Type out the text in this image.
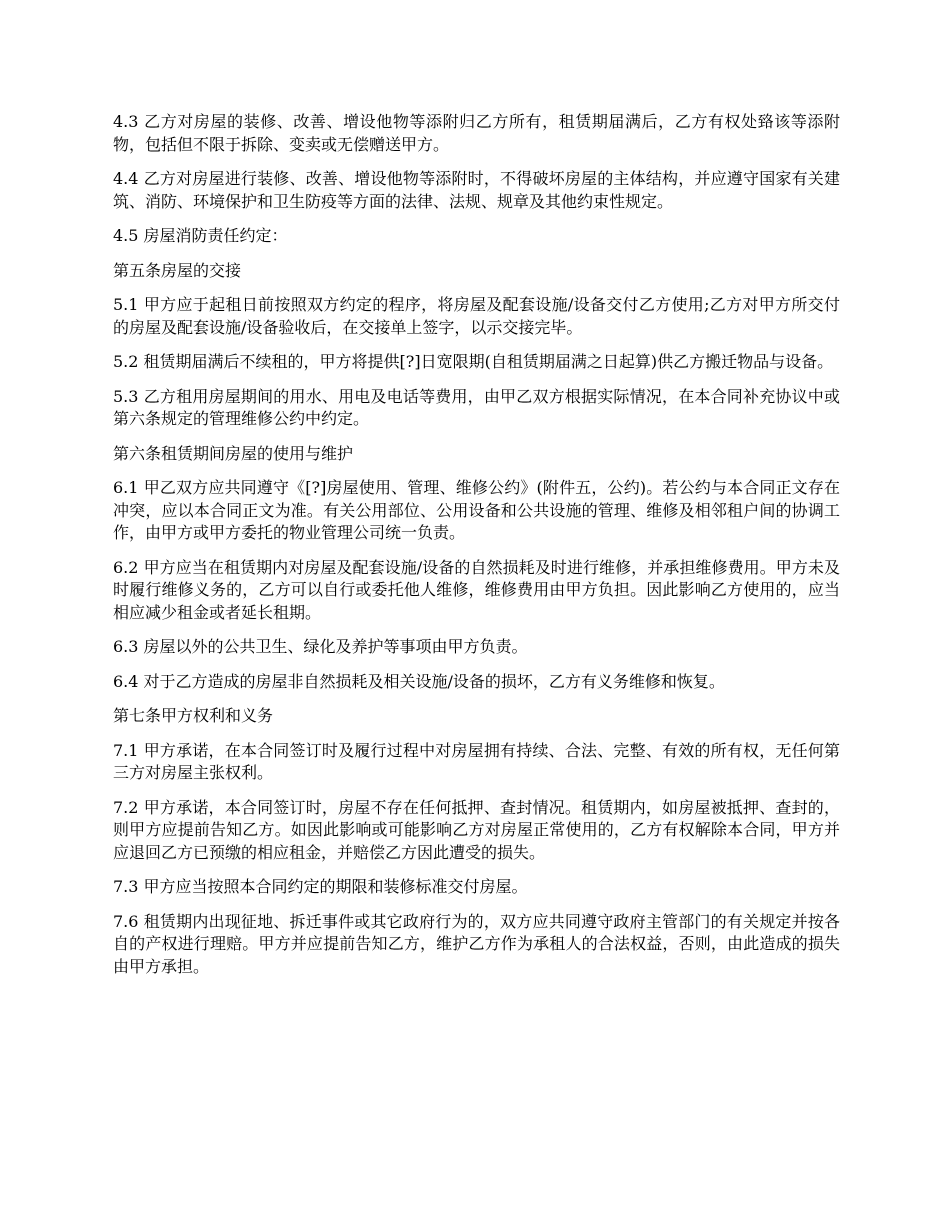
4.3 乙方对房屋的装修、改善、增设他物等添附归乙方所有，租赁期届满后，乙方有权处臵该等添附物，包括但不限于拆除、变卖或无偿赠送甲方。

4.4 乙方对房屋进行装修、改善、增设他物等添附时，不得破坏房屋的主体结构，并应遵守国家有关建筑、消防、环境保护和卫生防疫等方面的法律、法规、规章及其他约束性规定。

4.5 房屋消防责任约定：

第五条房屋的交接

5.1 甲方应于起租日前按照双方约定的程序，将房屋及配套设施/设备交付乙方使用;乙方对甲方所交付的房屋及配套设施/设备验收后，在交接单上签字，以示交接完毕。

5.2 租赁期届满后不续租的，甲方将提供[?]日宽限期(自租赁期届满之日起算)供乙方搬迁物品与设备。

5.3 乙方租用房屋期间的用水、用电及电话等费用，由甲乙双方根据实际情况，在本合同补充协议中或第六条规定的管理维修公约中约定。

第六条租赁期间房屋的使用与维护

6.1 甲乙双方应共同遵守《[?]房屋使用、管理、维修公约》(附件五，公约)。若公约与本合同正文存在冲突，应以本合同正文为准。有关公用部位、公用设备和公共设施的管理、维修及相邻租户间的协调工作，由甲方或甲方委托的物业管理公司统一负责。

6.2 甲方应当在租赁期内对房屋及配套设施/设备的自然损耗及时进行维修，并承担维修费用。甲方未及时履行维修义务的，乙方可以自行或委托他人维修，维修费用由甲方负担。因此影响乙方使用的，应当相应减少租金或者延长租期。

6.3 房屋以外的公共卫生、绿化及养护等事项由甲方负责。

6.4 对于乙方造成的房屋非自然损耗及相关设施/设备的损坏，乙方有义务维修和恢复。

第七条甲方权利和义务

7.1 甲方承诺，在本合同签订时及履行过程中对房屋拥有持续、合法、完整、有效的所有权，无任何第三方对房屋主张权利。

7.2 甲方承诺，本合同签订时，房屋不存在任何抵押、查封情况。租赁期内，如房屋被抵押、查封的，则甲方应提前告知乙方。如因此影响或可能影响乙方对房屋正常使用的，乙方有权解除本合同，甲方并应退回乙方已预缴的相应租金，并赔偿乙方因此遭受的损失。

7.3 甲方应当按照本合同约定的期限和装修标准交付房屋。

7.6 租赁期内出现征地、拆迁事件或其它政府行为的，双方应共同遵守政府主管部门的有关规定并按各自的产权进行理赔。甲方并应提前告知乙方，维护乙方作为承租人的合法权益，否则，由此造成的损失由甲方承担。
